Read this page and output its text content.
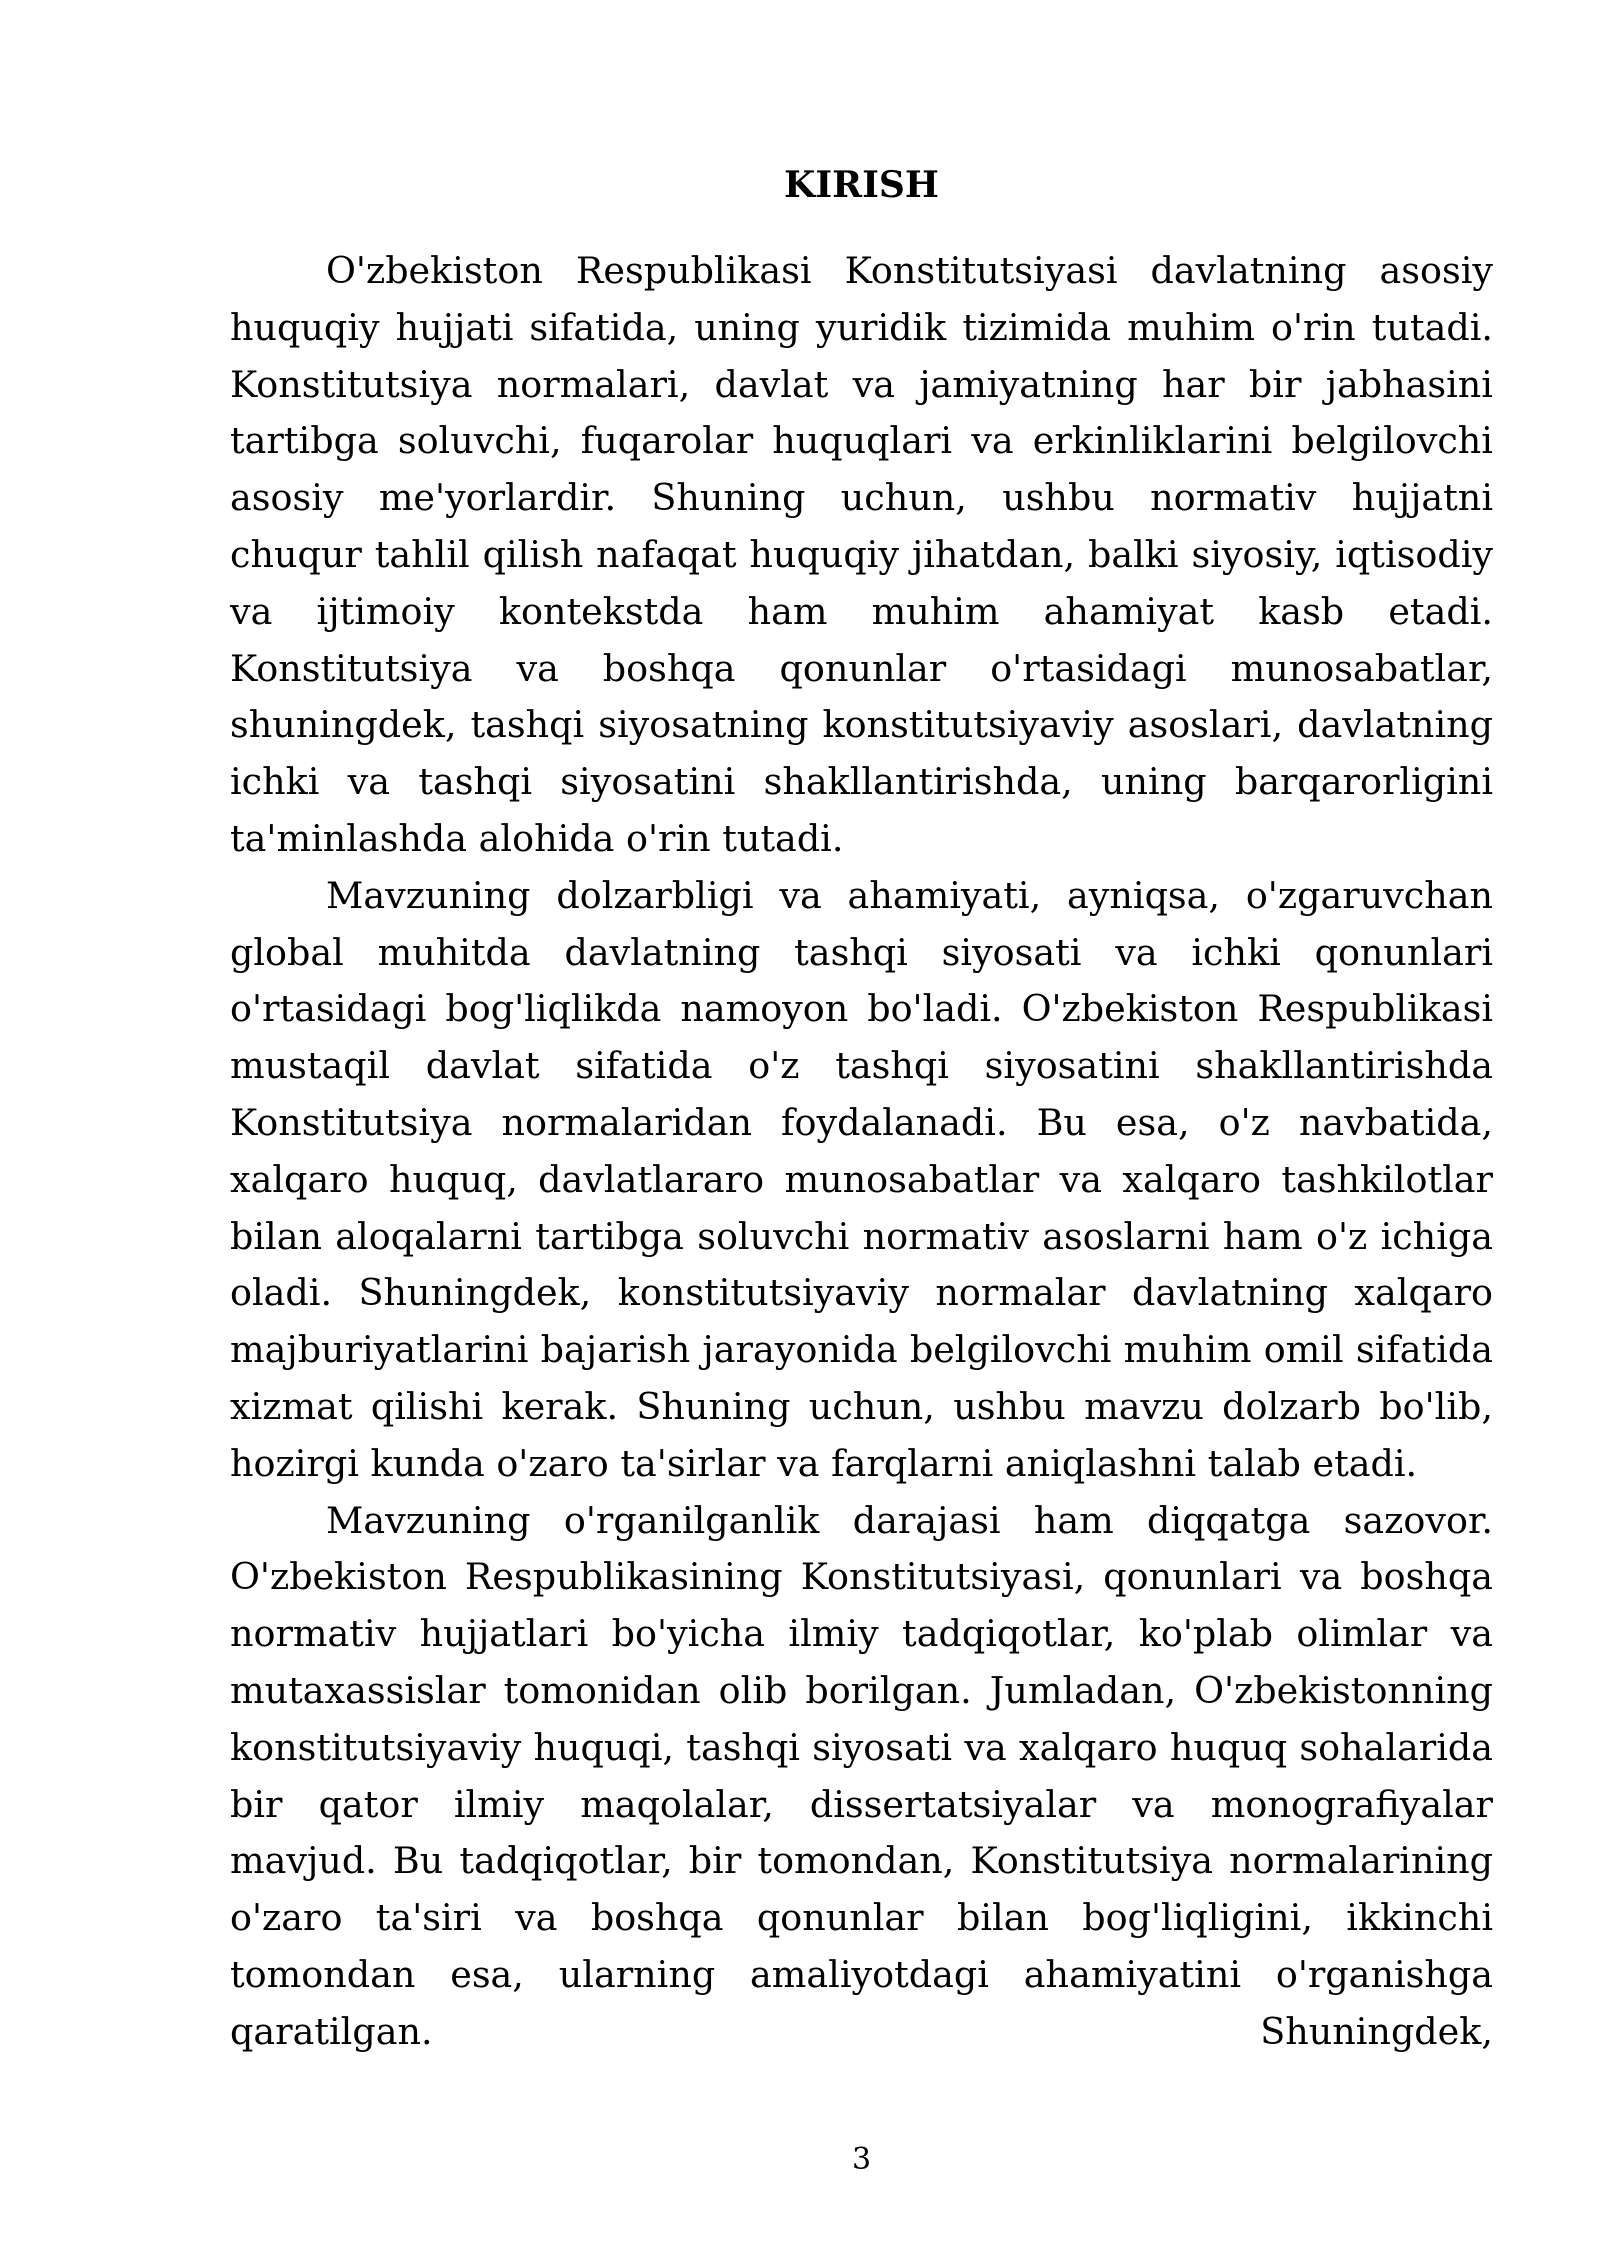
KIRISH

O'zbekiston Respublikasi Konstitutsiyasi davlatning asosiy huquqiy hujjati sifatida, uning yuridik tizimida muhim o'rin tutadi. Konstitutsiya normalari, davlat va jamiyatning har bir jabhasini tartibga soluvchi, fuqarolar huquqlari va erkinliklarini belgilovchi asosiy me'yorlardir. Shuning uchun, ushbu normativ hujjatni chuqur tahlil qilish nafaqat huquqiy jihatdan, balki siyosiy, iqtisodiy va ijtimoiy kontekstda ham muhim ahamiyat kasb etadi. Konstitutsiya va boshqa qonunlar o'rtasidagi munosabatlar, shuningdek, tashqi siyosatning konstitutsiyaviy asoslari, davlatning ichki va tashqi siyosatini shakllantirishda, uning barqarorligini ta'minlashda alohida o'rin tutadi.

Mavzuning dolzarbligi va ahamiyati, ayniqsa, o'zgaruvchan global muhitda davlatning tashqi siyosati va ichki qonunlari o'rtasidagi bog'liqlikda namoyon bo'ladi. O'zbekiston Respublikasi mustaqil davlat sifatida o'z tashqi siyosatini shakllantirishda Konstitutsiya normalaridan foydalanadi. Bu esa, o'z navbatida, xalqaro huquq, davlatlararo munosabatlar va xalqaro tashkilotlar bilan aloqalarni tartibga soluvchi normativ asoslarni ham o'z ichiga oladi. Shuningdek, konstitutsiyaviy normalar davlatning xalqaro majburiyatlarini bajarish jarayonida belgilovchi muhim omil sifatida xizmat qilishi kerak. Shuning uchun, ushbu mavzu dolzarb bo'lib, hozirgi kunda o'zaro ta'sirlar va farqlarni aniqlashni talab etadi.

Mavzuning o'rganilganlik darajasi ham diqqatga sazovor. O'zbekiston Respublikasining Konstitutsiyasi, qonunlari va boshqa normativ hujjatlari bo'yicha ilmiy tadqiqotlar, ko'plab olimlar va mutaxassislar tomonidan olib borilgan. Jumladan, O'zbekistonning konstitutsiyaviy huquqi, tashqi siyosati va xalqaro huquq sohalarida bir qator ilmiy maqolalar, dissertatsiyalar va monografiyalar mavjud. Bu tadqiqotlar, bir tomondan, Konstitutsiya normalarining o'zaro ta'siri va boshqa qonunlar bilan bog'liqligini, ikkinchi tomondan esa, ularning amaliyotdagi ahamiyatini o'rganishga qaratilgan. Shuningdek,

3
